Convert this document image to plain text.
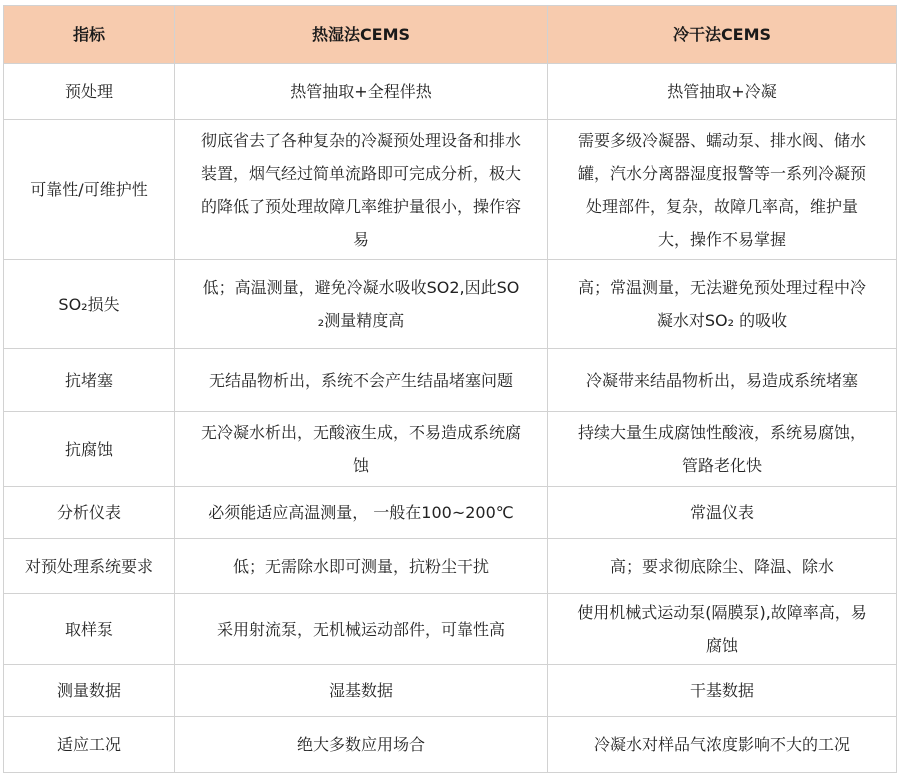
指标	热湿法CEMS	冷干法CEMS
预处理	热管抽取+全程伴热	热管抽取+冷凝
可靠性/可维护性	彻底省去了各种复杂的冷凝预处理设备和排水装置，烟气经过简单流路即可完成分析，极大的降低了预处理故障几率维护量很小，操作容易	需要多级冷凝器、蠕动泵、排水阀、储水罐，汽水分离器湿度报警等一系列冷凝预处理部件，复杂，故障几率高，维护量大，操作不易掌握
SO₂损失	低；高温测量，避免冷凝水吸收SO2,因此SO₂测量精度高	高；常温测量，无法避免预处理过程中冷凝水对SO₂ 的吸收
抗堵塞	无结晶物析出，系统不会产生结晶堵塞问题	冷凝带来结晶物析出，易造成系统堵塞
抗腐蚀	无冷凝水析出，无酸液生成，不易造成系统腐蚀	持续大量生成腐蚀性酸液，系统易腐蚀，管路老化快
分析仪表	必须能适应高温测量， 一般在100~200℃	常温仪表
对预处理系统要求	低；无需除水即可测量，抗粉尘干扰	高；要求彻底除尘、降温、除水
取样泵	采用射流泵，无机械运动部件，可靠性高	使用机械式运动泵(隔膜泵),故障率高，易腐蚀
测量数据	湿基数据	干基数据
适应工况	绝大多数应用场合	冷凝水对样品气浓度影响不大的工况
